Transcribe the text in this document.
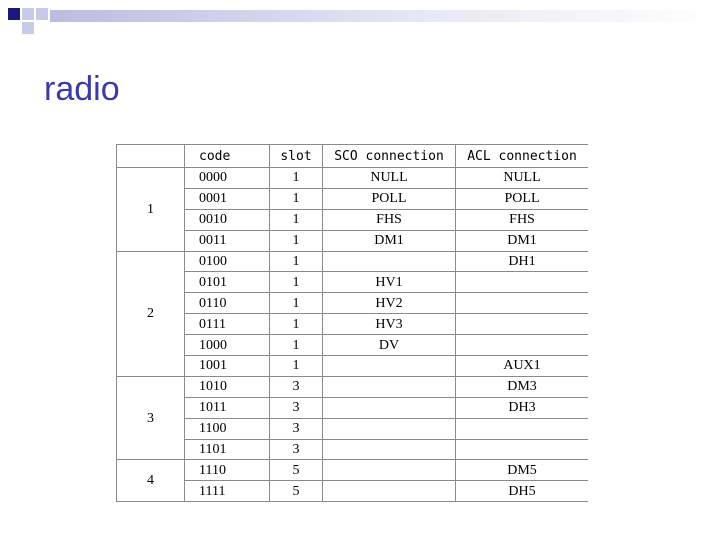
radio
	code	slot	SCO connection	ACL connection
1	0000	1	NULL	NULL
	0001	1	POLL	POLL
	0010	1	FHS	FHS
	0011	1	DM1	DM1
2	0100	1		DH1
	0101	1	HV1	
	0110	1	HV2	
	0111	1	HV3	
	1000	1	DV	
	1001	1		AUX1
3	1010	3		DM3
	1011	3		DH3
	1100	3		
	1101	3		
4	1110	5		DM5
	1111	5		DH5
